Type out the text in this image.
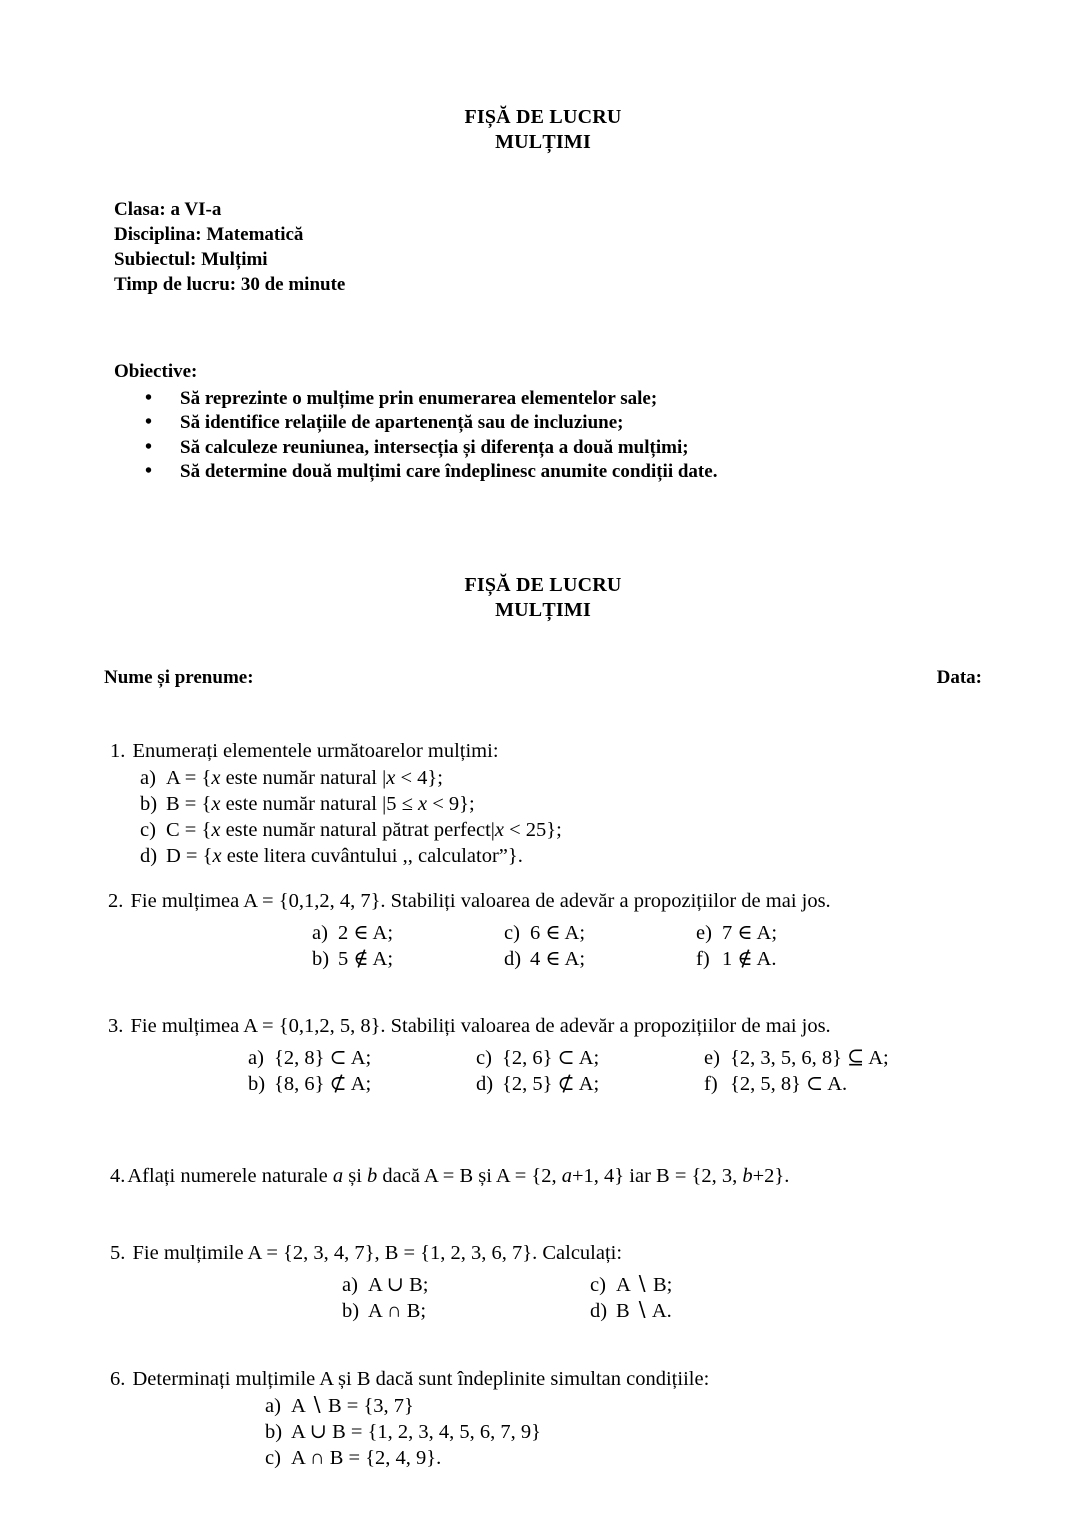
FIȘĂ DE LUCRU
MULȚIMI
Clasa: a VI-a
Disciplina: Matematică
Subiectul: Mulțimi
Timp de lucru: 30 de minute
Obiective:
• Să reprezinte o mulțime prin enumerarea elementelor sale;
• Să identifice relațiile de apartenență sau de incluziune;
• Să calculeze reuniunea, intersecția și diferența a două mulțimi;
• Să determine două mulțimi care îndeplinesc anumite condiții date.
FIȘĂ DE LUCRU
MULȚIMI
Nume și prenume:	Data:
1. Enumerați elementele următoarelor mulțimi:
a) A = {x este număr natural |x < 4};
b) B = {x este număr natural |5 ≤ x < 9};
c) C = {x este număr natural pătrat perfect|x < 25};
d) D = {x este litera cuvântului ,, calculator”}.
2. Fie mulțimea A = {0,1,2, 4, 7}. Stabiliți valoarea de adevăr a propozițiilor de mai jos.
a) 2 ∈ A;
b) 5 ∉ A;
c) 6 ∈ A;
d) 4 ∈ A;
e) 7 ∈ A;
f) 1 ∉ A.
3. Fie mulțimea A = {0,1,2, 5, 8}. Stabiliți valoarea de adevăr a propozițiilor de mai jos.
a) {2, 8} ⊂ A;
b) {8, 6} ⊄ A;
c) {2, 6} ⊂ A;
d) {2, 5} ⊄ A;
e) {2, 3, 5, 6, 8} ⊆ A;
f) {2, 5, 8} ⊂ A.
4.Aflați numerele naturale a și b dacă A = B și A = {2, a+1, 4} iar B = {2, 3, b+2}.
5. Fie mulțimile A = {2, 3, 4, 7}, B = {1, 2, 3, 6, 7}. Calculați:
a) A ∪ B;
b) A ∩ B;
c) A ∖ B;
d) B ∖ A.
6. Determinați mulțimile A și B dacă sunt îndeplinite simultan condițiile:
a) A ∖ B = {3, 7}
b) A ∪ B = {1, 2, 3, 4, 5, 6, 7, 9}
c) A ∩ B = {2, 4, 9}.
